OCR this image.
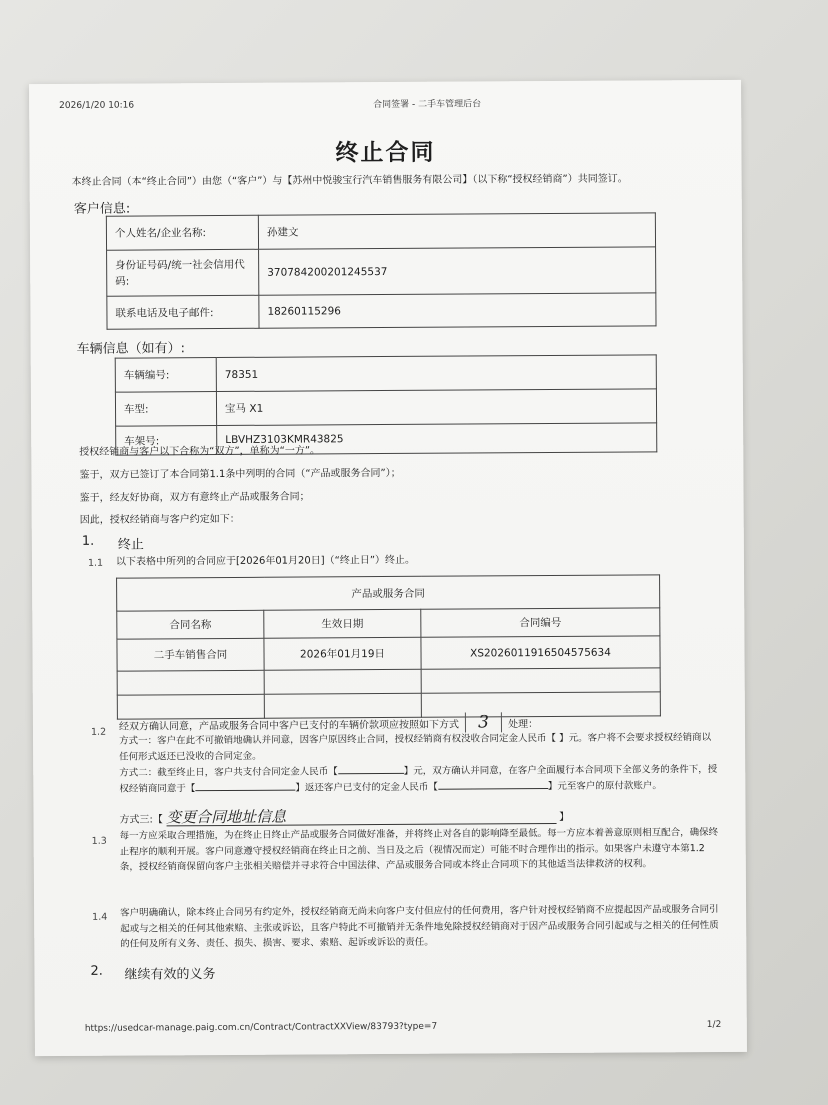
2026/1/20 10:16	合同签署 - 二手车管理后台
终止合同
本终止合同（本“终止合同”）由您（“客户”）与【苏州中悦骏宝行汽车销售服务有限公司】（以下称“授权经销商”）共同签订。
客户信息:
个人姓名/企业名称:	孙建文
身份证号码/统一社会信用代码:	370784200201245537
联系电话及电子邮件:	18260115296
车辆信息（如有）:
车辆编号:	78351
车型:	宝马 X1
车架号:	LBVHZ3103KMR43825
授权经销商与客户以下合称为“双方”，单称为“一方”。
鉴于，双方已签订了本合同第1.1条中列明的合同（“产品或服务合同”）；
鉴于，经友好协商，双方有意终止产品或服务合同；
因此，授权经销商与客户约定如下：
1. 终止
1.1 以下表格中所列的合同应于[2026年01月20日]（“终止日”）终止。
产品或服务合同		
合同名称	生效日期	合同编号
二手车销售合同	2026年01月19日	XS2026011916504575634

1.2 经双方确认同意，产品或服务合同中客户已支付的车辆价款项应按照如下方式 3 处理：
方式一：客户在此不可撤销地确认并同意，因客户原因终止合同，授权经销商有权没收合同定金人民币【 】元。客户将不会要求授权经销商以任何形式返还已没收的合同定金。
方式二：截至终止日，客户共支付合同定金人民币【	】元，双方确认并同意，在客户全面履行本合同项下全部义务的条件下，授权经销商同意于【	】返还客户已支付的定金人民币【	】元至客户的原付款账户。
方式三:【 变更合同地址信息	】
1.3 每一方应采取合理措施，为在终止日终止产品或服务合同做好准备，并将终止对各自的影响降至最低。每一方应本着善意原则相互配合，确保终止程序的顺利开展。客户同意遵守授权经销商在终止日之前、当日及之后（视情况而定）可能不时合理作出的指示。如果客户未遵守本第1.2条，授权经销商保留向客户主张相关赔偿并寻求符合中国法律、产品或服务合同或本终止合同项下的其他适当法律救济的权利。
1.4 客户明确确认，除本终止合同另有约定外，授权经销商无尚未向客户支付但应付的任何费用，客户针对授权经销商不应提起因产品或服务合同引起或与之相关的任何其他索赔、主张或诉讼，且客户特此不可撤销并无条件地免除授权经销商对于因产品或服务合同引起或与之相关的任何性质的任何及所有义务、责任、损失、损害、要求、索赔、起诉或诉讼的责任。
2. 继续有效的义务
https://usedcar-manage.paig.com.cn/Contract/ContractXXView/83793?type=7	1/2
